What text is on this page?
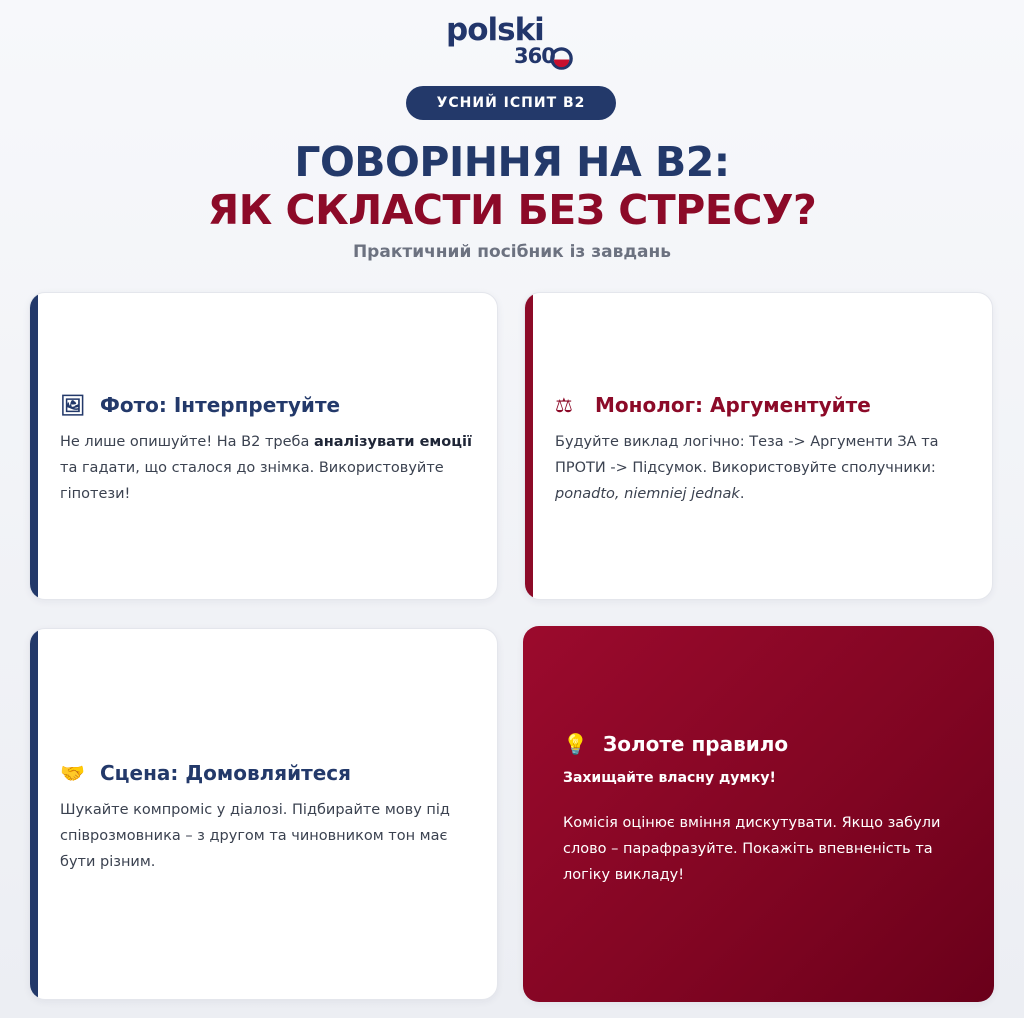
polski
360
УСНИЙ ІСПИТ B2
ГОВОРІННЯ НА B2:
ЯК СКЛАСТИ БЕЗ СТРЕСУ?
Практичний посібник із завдань
🖼 Фото: Інтерпретуйте

Не лише опишуйте! На B2 треба аналізувати емоції та гадати, що сталося до знімка. Використовуйте гіпотези!

⚖	Монолог: Аргументуйте

Будуйте виклад логічно: Теза -> Аргументи ЗА та ПРОТИ -> Підсумок. Використовуйте сполучники: ponadto, niemniej jednak.

🤝 Сцена: Домовляйтеся

Шукайте компроміс у діалозі. Підбирайте мову під співрозмовника – з другом та чиновником тон має бути різним.

💡 Золоте правило
Захищайте власну думку!

Комісія оцінює вміння дискутувати. Якщо забули слово – парафразуйте. Покажіть впевненість та логіку викладу!
